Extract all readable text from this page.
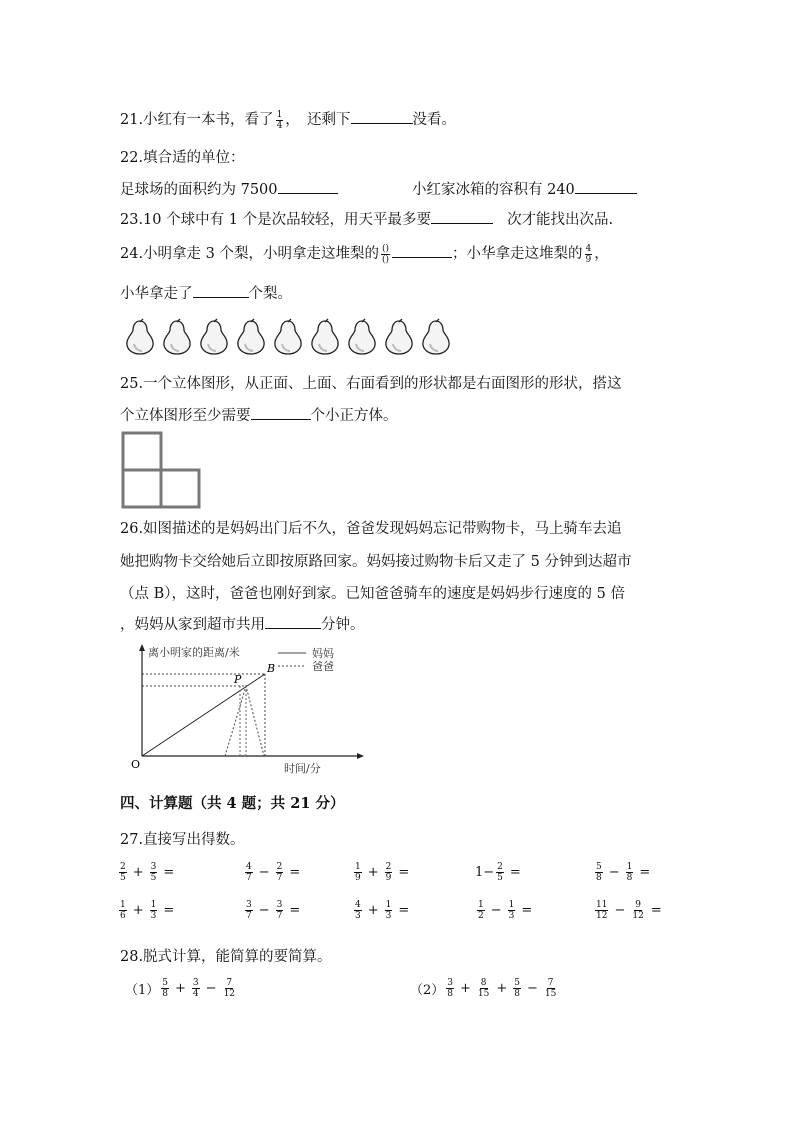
21.小红有一本书，看了 $\frac{1}{4}$ ，　还剩下	没看。
22.填合适的单位：
足球场的面积约为 7500	小红家冰箱的容积有 240
23.10 个球中有 1 个是次品较轻，用天平最多要	次才能找出次品.
24.小明拿走 3 个梨，小明拿走这堆梨的 $\frac{()}{()}$	；小华拿走这堆梨的 $\frac{4}{9}$ ，
小华拿走了	个梨。
25.一个立体图形，从正面、上面、右面看到的形状都是右面图形的形状，搭这
个立体图形至少需要	个小正方体。
26.如图描述的是妈妈出门后不久，爸爸发现妈妈忘记带购物卡，马上骑车去追
她把购物卡交给她后立即按原路回家。妈妈接过购物卡后又走了 5 分钟到达超市
（点 B），这时，爸爸也刚好到家。已知爸爸骑车的速度是妈妈步行速度的 5 倍
，妈妈从家到超市共用	分钟。
离小明家的距离/米	妈妈
爸爸
P
B
O	时间/分
四、计算题（共 4 题；共 21 分）
27.直接写出得数。
$\frac{2}{5} + \frac{3}{5}$ =	$\frac{4}{7} - \frac{2}{7}$ =	$\frac{1}{9} + \frac{2}{9}$ =	$1- \frac{2}{5}$ =	$\frac{5}{8} - \frac{1}{8}$ =
$\frac{1}{6} + \frac{1}{3}$ =	$\frac{3}{7} - \frac{3}{7}$ =	$\frac{4}{3} + \frac{1}{3}$ =	$\frac{1}{2} - \frac{1}{3}$ =	$\frac{11}{12} - \frac{9}{12}$ =
28.脱式计算，能简算的要简算。
$(1) \frac{5}{8} + \frac{3}{4} - \frac{7}{12}$	$(2) \frac{3}{8} + \frac{8}{15} + \frac{5}{8} - \frac{7}{15}$
